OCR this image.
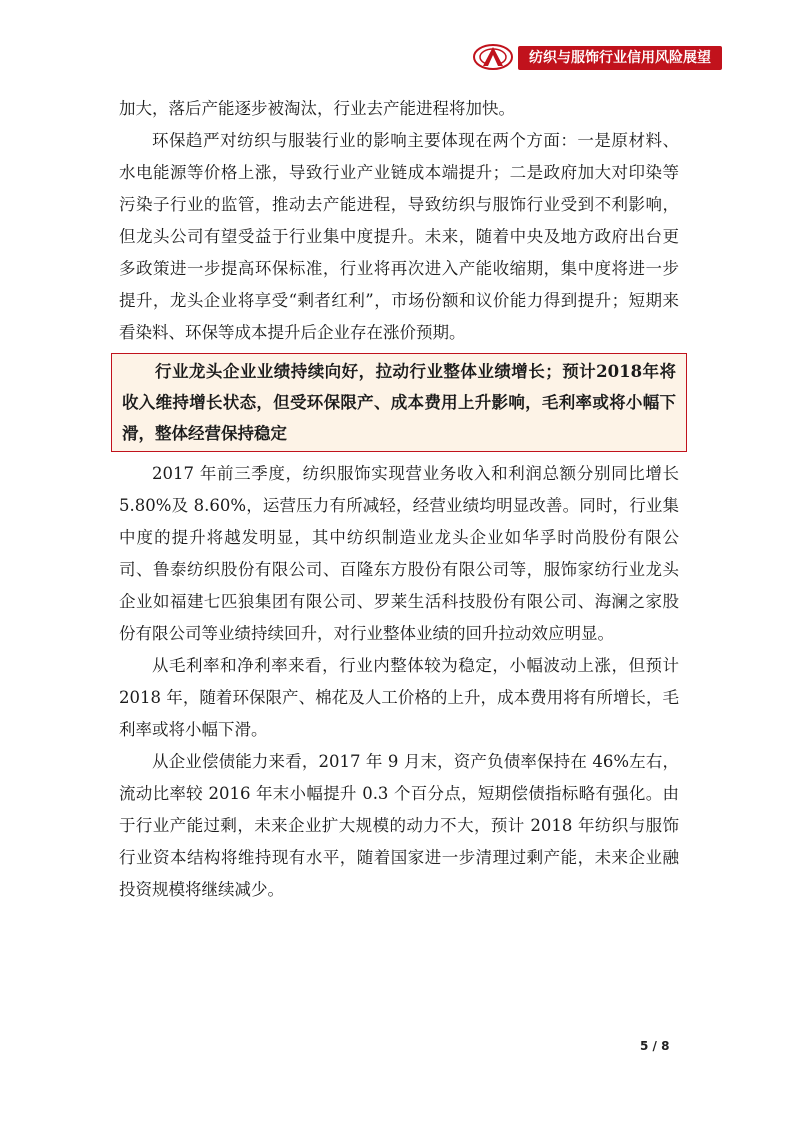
纺织与服饰行业信用风险展望

加大，落后产能逐步被淘汰，行业去产能进程将加快。

环保趋严对纺织与服装行业的影响主要体现在两个方面：一是原材料、水电能源等价格上涨，导致行业产业链成本端提升；二是政府加大对印染等污染子行业的监管，推动去产能进程，导致纺织与服饰行业受到不利影响，但龙头公司有望受益于行业集中度提升。未来，随着中央及地方政府出台更多政策进一步提高环保标准，行业将再次进入产能收缩期，集中度将进一步提升，龙头企业将享受“剩者红利”，市场份额和议价能力得到提升；短期来看染料、环保等成本提升后企业存在涨价预期。

行业龙头企业业绩持续向好，拉动行业整体业绩增长；预计2018年将收入维持增长状态，但受环保限产、成本费用上升影响，毛利率或将小幅下滑，整体经营保持稳定

2017 年前三季度，纺织服饰实现营业务收入和利润总额分别同比增长 5.80%及 8.60%，运营压力有所减轻，经营业绩均明显改善。同时，行业集中度的提升将越发明显，其中纺织制造业龙头企业如华孚时尚股份有限公司、鲁泰纺织股份有限公司、百隆东方股份有限公司等，服饰家纺行业龙头企业如福建七匹狼集团有限公司、罗莱生活科技股份有限公司、海澜之家股份有限公司等业绩持续回升，对行业整体业绩的回升拉动效应明显。

从毛利率和净利率来看，行业内整体较为稳定，小幅波动上涨，但预计 2018 年，随着环保限产、棉花及人工价格的上升，成本费用将有所增长，毛利率或将小幅下滑。

从企业偿债能力来看，2017 年 9 月末，资产负债率保持在 46%左右，流动比率较 2016 年末小幅提升 0.3 个百分点，短期偿债指标略有强化。由于行业产能过剩，未来企业扩大规模的动力不大，预计 2018 年纺织与服饰行业资本结构将维持现有水平，随着国家进一步清理过剩产能，未来企业融投资规模将继续减少。

5 / 8
